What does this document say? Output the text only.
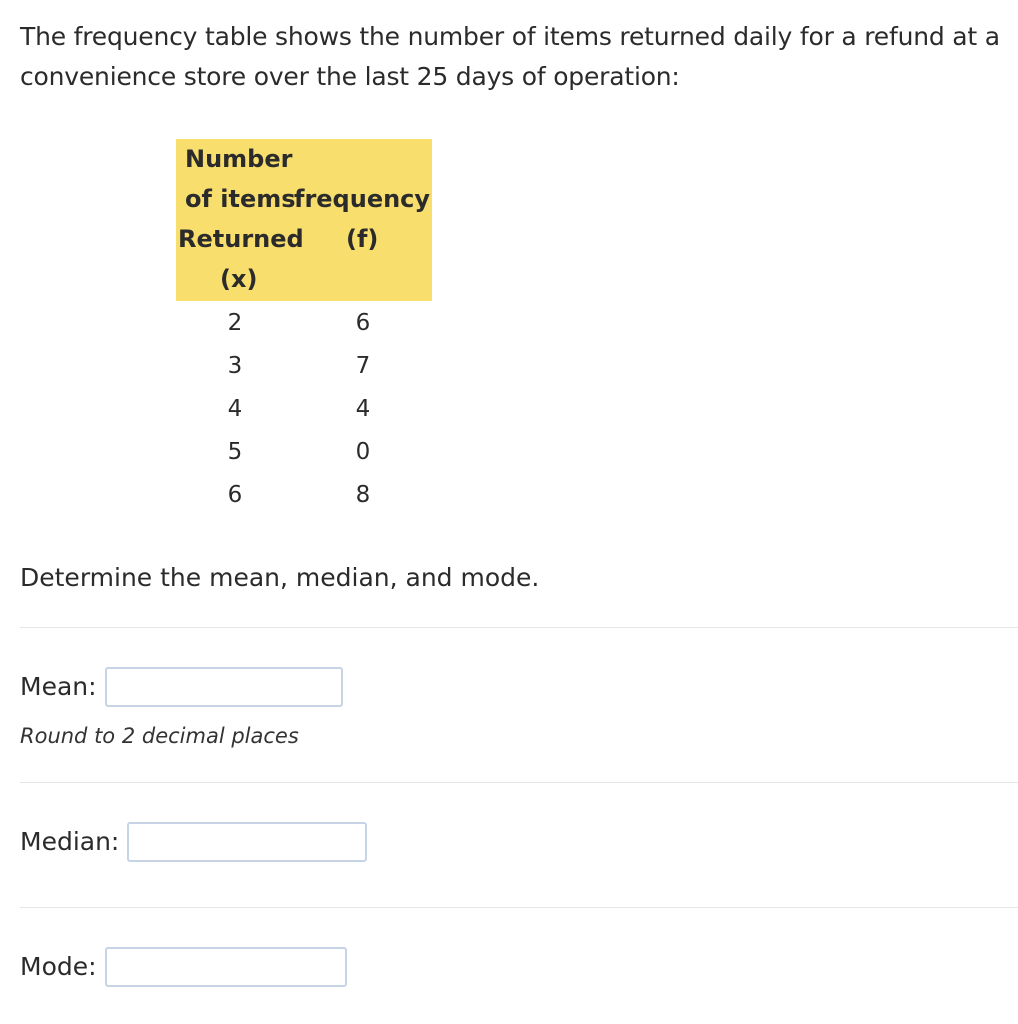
The frequency table shows the number of items returned daily for a refund at a convenience store over the last 25 days of operation:

Number
of items
Returned
(x)	frequency
(f)

2	6
3	7
4	4
5	0
6	8

Determine the mean, median, and mode.

Mean:
Round to 2 decimal places
Median:
Mode:
